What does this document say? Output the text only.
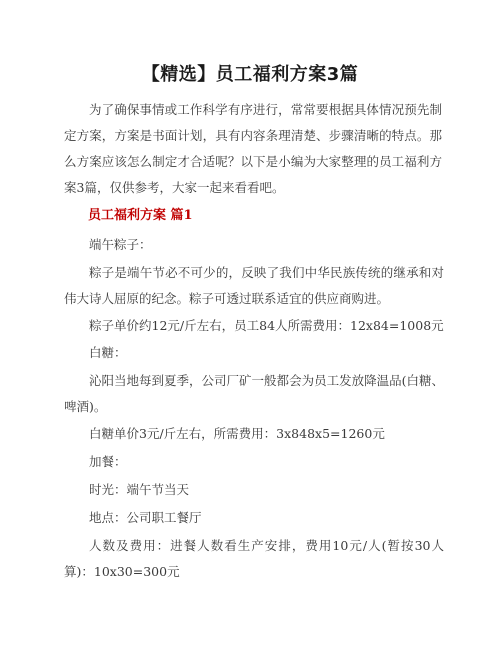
【精选】员工福利方案3篇
为了确保事情或工作科学有序进行，常常要根据具体情况预先制定方案，方案是书面计划，具有内容条理清楚、步骤清晰的特点。那么方案应该怎么制定才合适呢？以下是小编为大家整理的员工福利方案3篇，仅供参考，大家一起来看看吧。
员工福利方案 篇1
端午粽子：
粽子是端午节必不可少的，反映了我们中华民族传统的继承和对伟大诗人屈原的纪念。粽子可透过联系适宜的供应商购进。
粽子单价约12元/斤左右，员工84人所需费用：12x84=1008元
白糖：
沁阳当地每到夏季，公司厂矿一般都会为员工发放降温品(白糖、啤酒)。
白糖单价3元/斤左右，所需费用：3x848x5=1260元
加餐：
时光：端午节当天
地点：公司职工餐厅
人数及费用：进餐人数看生产安排，费用10元/人(暂按30人算)：10x30=300元
